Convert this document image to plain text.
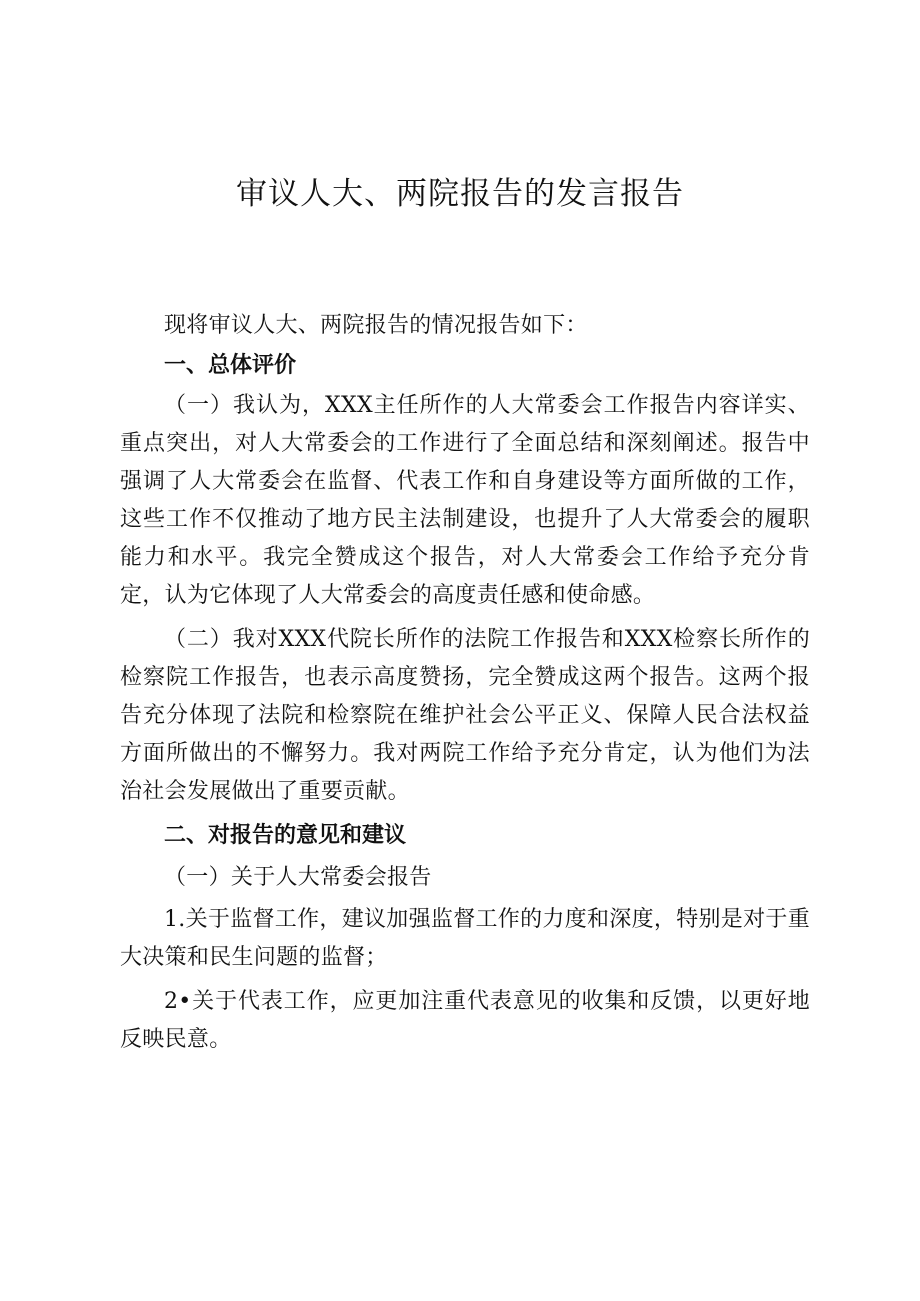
审议人大、两院报告的发言报告

现将审议人大、两院报告的情况报告如下：

一、总体评价

（一）我认为，XXX主任所作的人大常委会工作报告内容详实、重点突出，对人大常委会的工作进行了全面总结和深刻阐述。报告中强调了人大常委会在监督、代表工作和自身建设等方面所做的工作，这些工作不仅推动了地方民主法制建设，也提升了人大常委会的履职能力和水平。我完全赞成这个报告，对人大常委会工作给予充分肯定，认为它体现了人大常委会的高度责任感和使命感。

（二）我对XXX代院长所作的法院工作报告和XXX检察长所作的检察院工作报告，也表示高度赞扬，完全赞成这两个报告。这两个报告充分体现了法院和检察院在维护社会公平正义、保障人民合法权益方面所做出的不懈努力。我对两院工作给予充分肯定，认为他们为法治社会发展做出了重要贡献。

二、对报告的意见和建议

（一）关于人大常委会报告

1.关于监督工作，建议加强监督工作的力度和深度，特别是对于重大决策和民生问题的监督；

2•关于代表工作，应更加注重代表意见的收集和反馈，以更好地反映民意。
